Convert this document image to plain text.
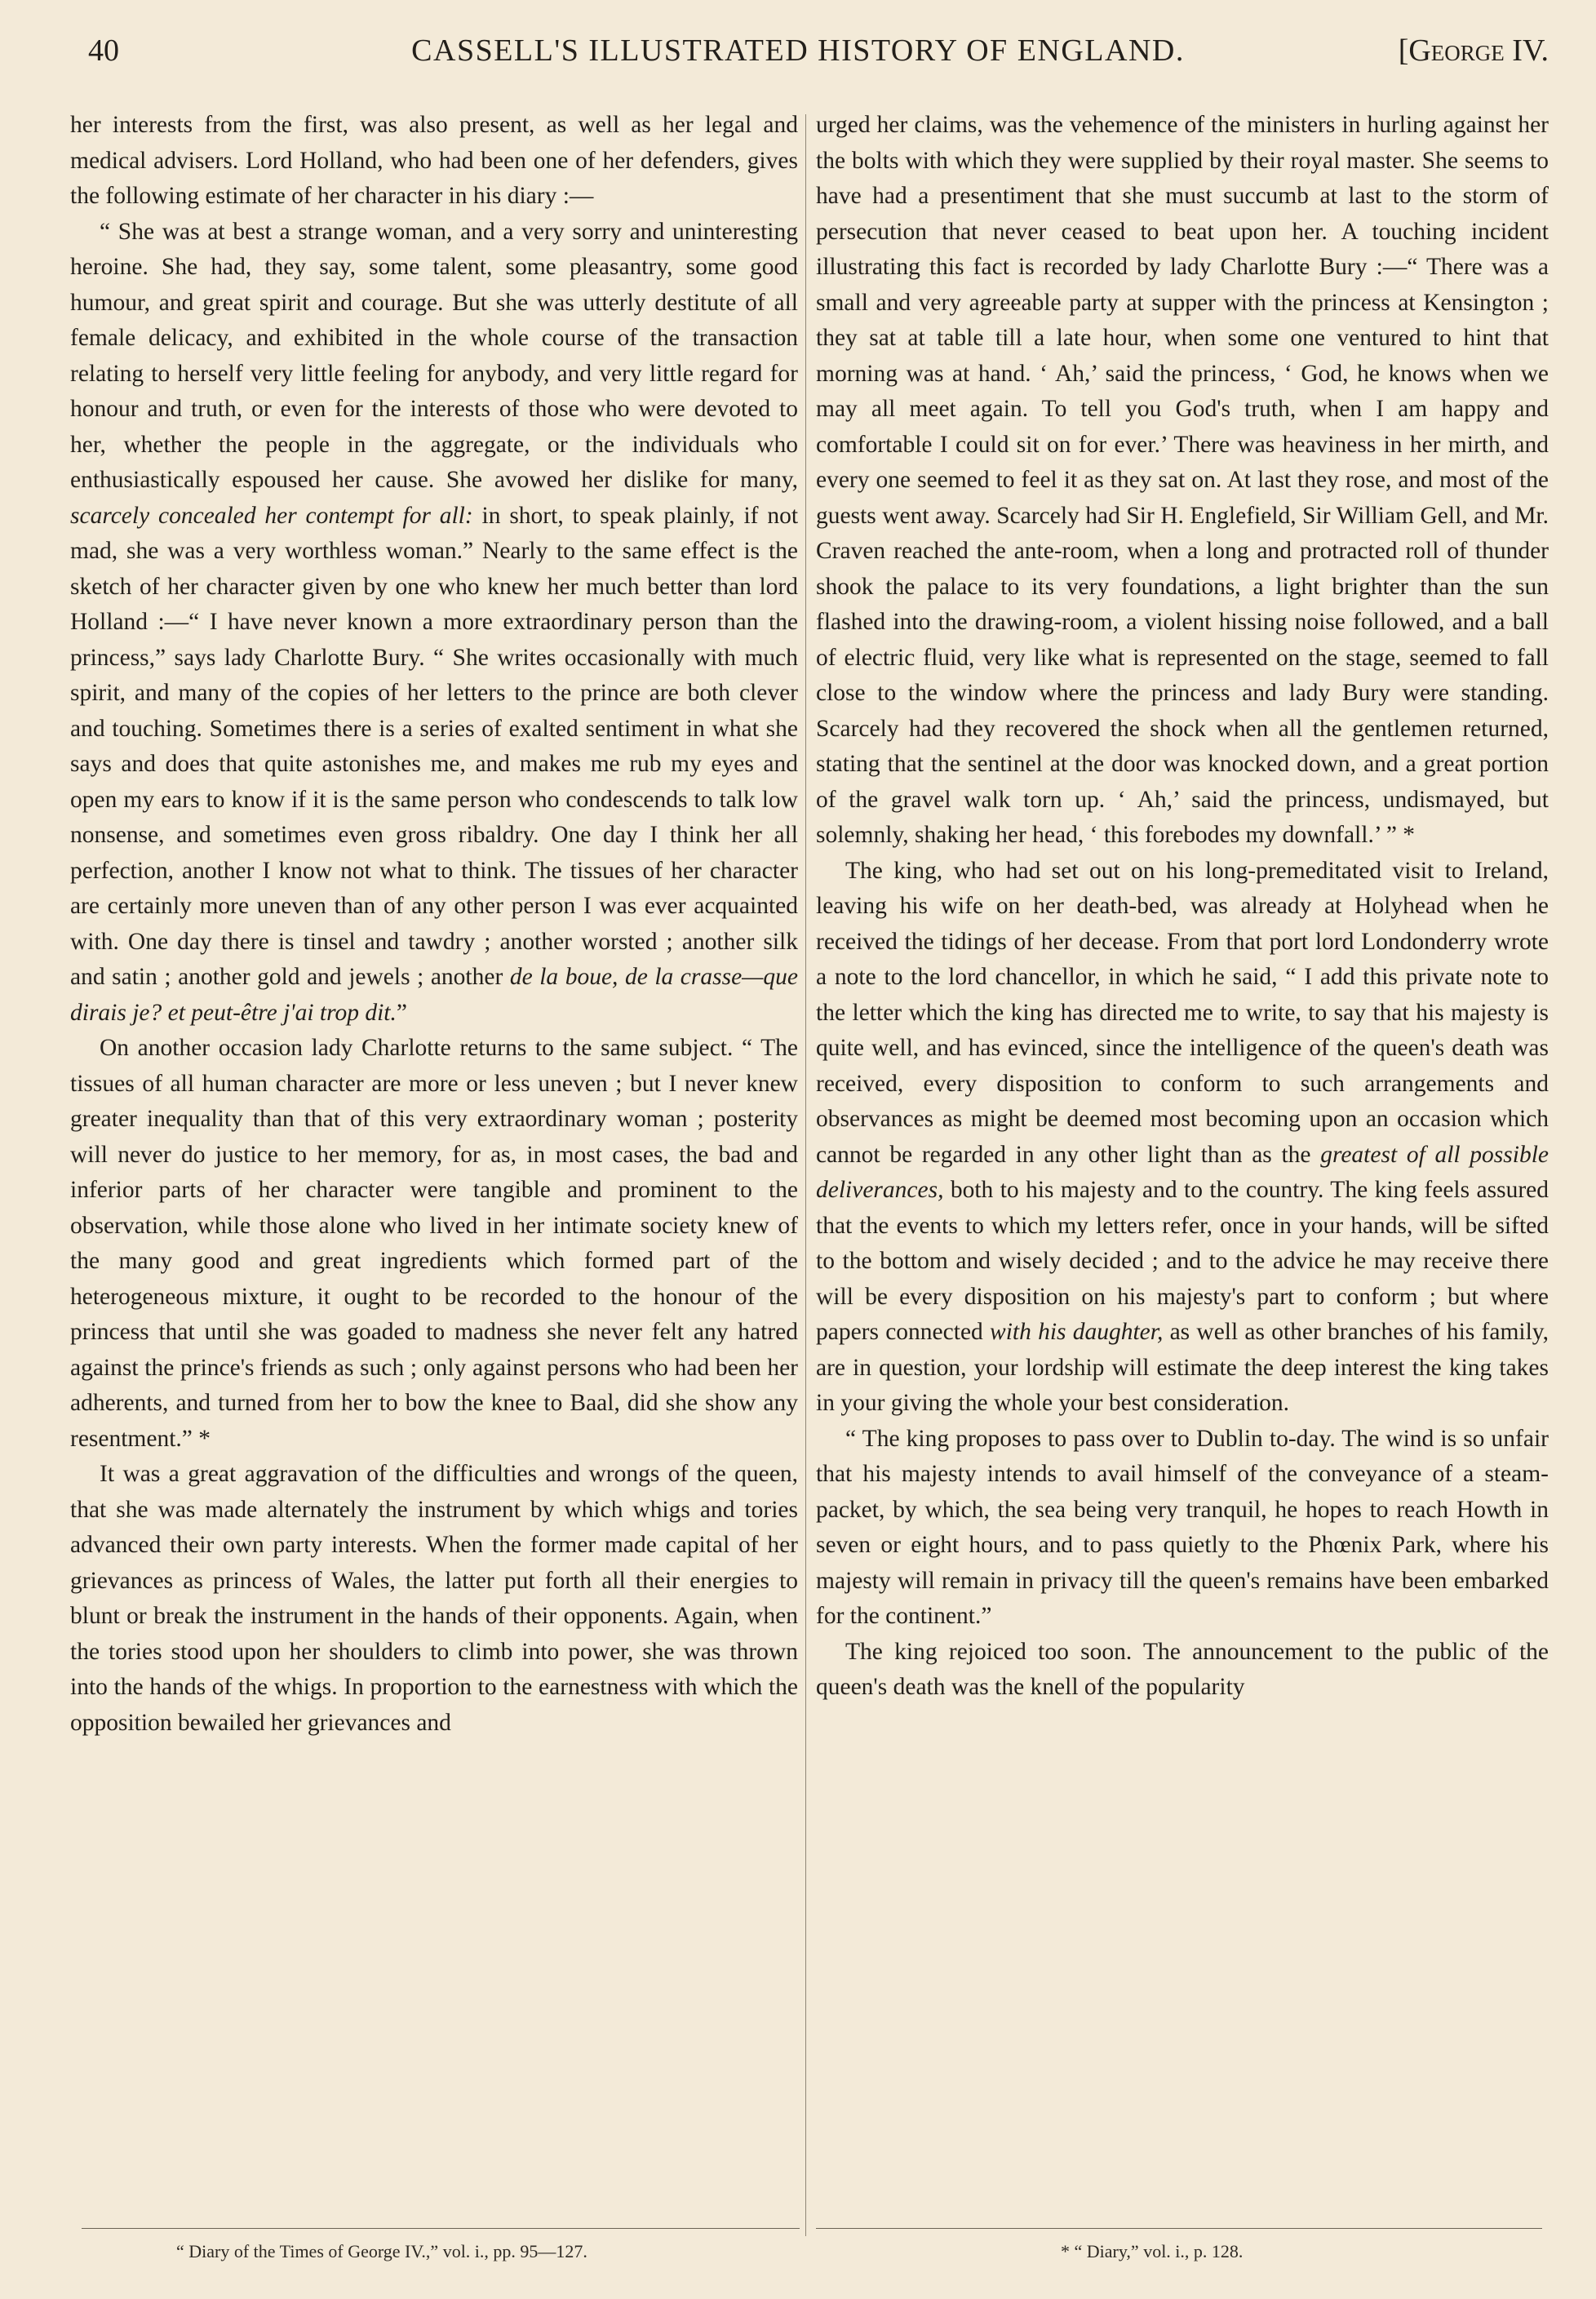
40	CASSELL'S ILLUSTRATED HISTORY OF ENGLAND.	[George IV.

her interests from the first, was also present, as well as her legal and medical advisers. Lord Holland, who had been one of her defenders, gives the following estimate of her character in his diary :—

“ She was at best a strange woman, and a very sorry and uninteresting heroine. She had, they say, some talent, some pleasantry, some good humour, and great spirit and courage. But she was utterly destitute of all female delicacy, and exhibited in the whole course of the transaction relating to herself very little feeling for anybody, and very little regard for honour and truth, or even for the interests of those who were devoted to her, whether the people in the aggregate, or the individuals who enthusiastically espoused her cause. She avowed her dislike for many, scarcely concealed her contempt for all: in short, to speak plainly, if not mad, she was a very worthless woman.” Nearly to the same effect is the sketch of her character given by one who knew her much better than lord Holland :—“ I have never known a more extraordinary person than the princess,” says lady Charlotte Bury. “ She writes occasionally with much spirit, and many of the copies of her letters to the prince are both clever and touching. Sometimes there is a series of exalted sentiment in what she says and does that quite astonishes me, and makes me rub my eyes and open my ears to know if it is the same person who condescends to talk low nonsense, and sometimes even gross ribaldry. One day I think her all perfection, another I know not what to think. The tissues of her character are certainly more uneven than of any other person I was ever acquainted with. One day there is tinsel and tawdry ; another worsted ; another silk and satin ; another gold and jewels ; another de la boue, de la crasse—que dirais je? et peut-être j'ai trop dit.”

On another occasion lady Charlotte returns to the same subject. “ The tissues of all human character are more or less uneven ; but I never knew greater inequality than that of this very extraordinary woman ; posterity will never do justice to her memory, for as, in most cases, the bad and inferior parts of her character were tangible and prominent to the observation, while those alone who lived in her intimate society knew of the many good and great ingredients which formed part of the heterogeneous mixture, it ought to be recorded to the honour of the princess that until she was goaded to madness she never felt any hatred against the prince's friends as such ; only against persons who had been her adherents, and turned from her to bow the knee to Baal, did she show any resentment.” *

It was a great aggravation of the difficulties and wrongs of the queen, that she was made alternately the instrument by which whigs and tories advanced their own party interests. When the former made capital of her grievances as princess of Wales, the latter put forth all their energies to blunt or break the instrument in the hands of their opponents. Again, when the tories stood upon her shoulders to climb into power, she was thrown into the hands of the whigs. In proportion to the earnestness with which the opposition bewailed her grievances and

urged her claims, was the vehemence of the ministers in hurling against her the bolts with which they were supplied by their royal master. She seems to have had a presentiment that she must succumb at last to the storm of persecution that never ceased to beat upon her. A touching incident illustrating this fact is recorded by lady Charlotte Bury :—“ There was a small and very agreeable party at supper with the princess at Kensington ; they sat at table till a late hour, when some one ventured to hint that morning was at hand. ‘ Ah,’ said the princess, ‘ God, he knows when we may all meet again. To tell you God's truth, when I am happy and comfortable I could sit on for ever.’ There was heaviness in her mirth, and every one seemed to feel it as they sat on. At last they rose, and most of the guests went away. Scarcely had Sir H. Englefield, Sir William Gell, and Mr. Craven reached the ante-room, when a long and protracted roll of thunder shook the palace to its very foundations, a light brighter than the sun flashed into the drawing-room, a violent hissing noise followed, and a ball of electric fluid, very like what is represented on the stage, seemed to fall close to the window where the princess and lady Bury were standing. Scarcely had they recovered the shock when all the gentlemen returned, stating that the sentinel at the door was knocked down, and a great portion of the gravel walk torn up. ‘ Ah,’ said the princess, undismayed, but solemnly, shaking her head, ‘ this forebodes my downfall.’ ” *

The king, who had set out on his long-premeditated visit to Ireland, leaving his wife on her death-bed, was already at Holyhead when he received the tidings of her decease. From that port lord Londonderry wrote a note to the lord chancellor, in which he said, “ I add this private note to the letter which the king has directed me to write, to say that his majesty is quite well, and has evinced, since the intelligence of the queen's death was received, every disposition to conform to such arrangements and observances as might be deemed most becoming upon an occasion which cannot be regarded in any other light than as the greatest of all possible deliverances, both to his majesty and to the country. The king feels assured that the events to which my letters refer, once in your hands, will be sifted to the bottom and wisely decided ; and to the advice he may receive there will be every disposition on his majesty's part to conform ; but where papers connected with his daughter, as well as other branches of his family, are in question, your lordship will estimate the deep interest the king takes in your giving the whole your best consideration.

“ The king proposes to pass over to Dublin to-day. The wind is so unfair that his majesty intends to avail himself of the conveyance of a steam-packet, by which, the sea being very tranquil, he hopes to reach Howth in seven or eight hours, and to pass quietly to the Phœnix Park, where his majesty will remain in privacy till the queen's remains have been embarked for the continent.”

The king rejoiced too soon. The announcement to the public of the queen's death was the knell of the popularity

“ Diary of the Times of George IV.,” vol. i., pp. 95—127.	* “ Diary,” vol. i., p. 128.
